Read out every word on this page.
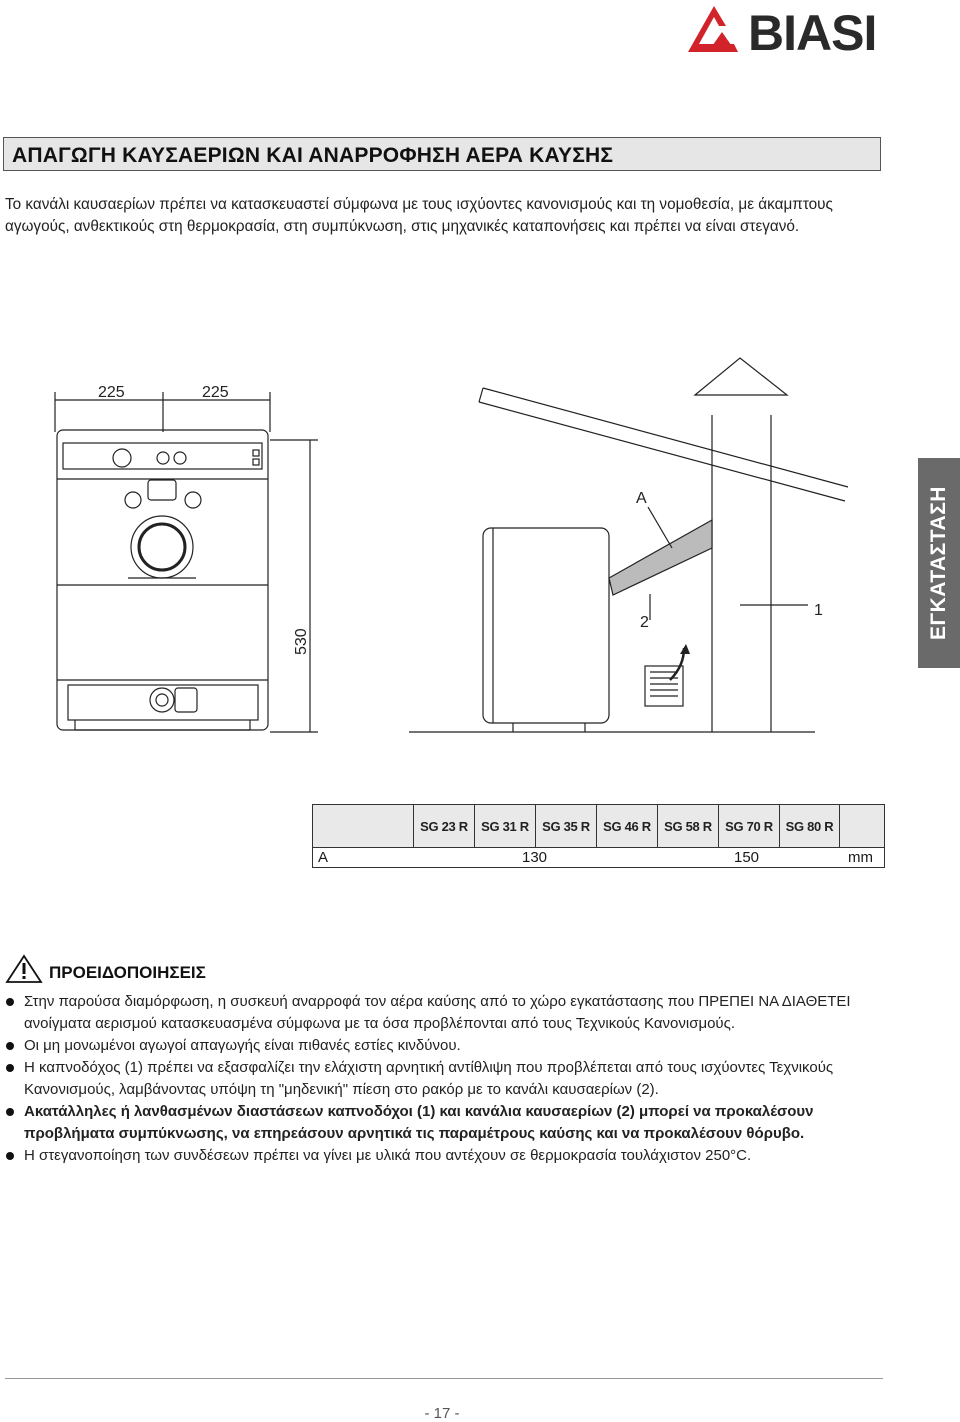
BIASI
ΑΠΑΓΩΓΗ ΚΑΥΣΑΕΡΙΩΝ ΚΑΙ ΑΝΑΡΡΟΦΗΣΗ ΑΕΡΑ ΚΑΥΣΗΣ
Το κανάλι καυσαερίων πρέπει να κατασκευαστεί σύμφωνα με τους ισχύοντες κανονισμούς και τη νομοθεσία, με άκαμπτους αγωγούς, ανθεκτικούς στη θερμοκρασία, στη συμπύκνωση, στις μηχανικές καταπονήσεις και πρέπει να είναι στεγανό.
ΕΓΚΑΤΑΣΤΑΣΗ
225	225
530
A
2
1
SG 23 R	SG 31 R	SG 35 R	SG 46 R	SG 58 R	SG 70 R SG 80 R
A	130	150	mm
ΠΡΟΕΙΔΟΠΟΙΗΣΕΙΣ

Στην παρούσα διαμόρφωση, η συσκευή αναρροφά τον αέρα καύσης από το χώρο εγκατάστασης που ΠΡΕΠΕΙ ΝΑ ΔΙΑΘΕΤΕΙ ανοίγματα αερισμού κατασκευασμένα σύμφωνα με τα όσα προβλέπονται από τους Τεχνικούς Κανονισμούς.

Οι μη μονωμένοι αγωγοί απαγωγής είναι πιθανές εστίες κινδύνου.

Η καπνοδόχος (1) πρέπει να εξασφαλίζει την ελάχιστη αρνητική αντίθλιψη που προβλέπεται από τους ισχύοντες Τεχνικούς Κανονισμούς, λαμβάνοντας υπόψη τη "μηδενική" πίεση στο ρακόρ με το κανάλι καυσαερίων (2).

Ακατάλληλες ή λανθασμένων διαστάσεων καπνοδόχοι (1) και κανάλια καυσαερίων (2) μπορεί να προκαλέσουν προβλήματα συμπύκνωσης, να επηρεάσουν αρνητικά τις παραμέτρους καύσης και να προκαλέσουν θόρυβο.

Η στεγανοποίηση των συνδέσεων πρέπει να γίνει με υλικά που αντέχουν σε θερμοκρασία τουλάχιστον 250°C.

- 17 -
